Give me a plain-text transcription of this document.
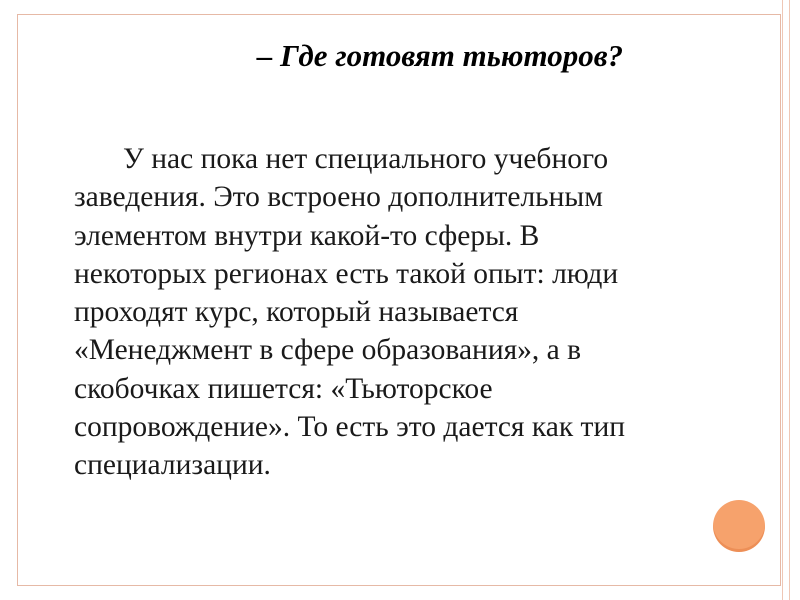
– Где готовят тьюторов?

У нас пока нет специального учебного
заведения. Это встроено дополнительным
элементом внутри какой-то сферы. В
некоторых регионах есть такой опыт: люди
проходят курс, который называется
«Менеджмент в сфере образования», а в
скобочках пишется: «Тьюторское
сопровождение». То есть это дается как тип
специализации.
